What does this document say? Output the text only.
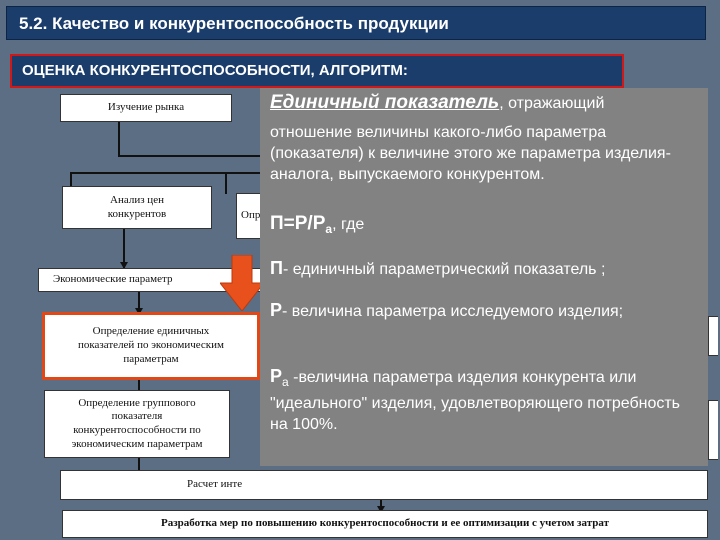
5.2. Качество и конкурентоспособность продукции
ОЦЕНКА КОНКУРЕНТОСПОСОБНОСТИ, АЛГОРИТМ:
Изучение рынка
Анализ цен
конкурентов	Опр
Экономические параметр
Определение единичных
показателей по экономическим
параметрам
Определение группового
показателя
конкурентоспособности по
экономическим параметрам
Расчет инте
Разработка мер по повышению конкурентоспособности и ее оптимизации с учетом затрат
Единичный показатель, отражающий
отношение величины какого-либо параметра (показателя) к величине этого же параметра изделия-аналога, выпускаемого конкурентом.
$П=Р/Р_а$, где
П- единичный параметрический показатель ;
Р- величина параметра исследуемого изделия;
$Р_а$ -величина параметра изделия конкурента или "идеального" изделия, удовлетворяющего потребность на 100%.
